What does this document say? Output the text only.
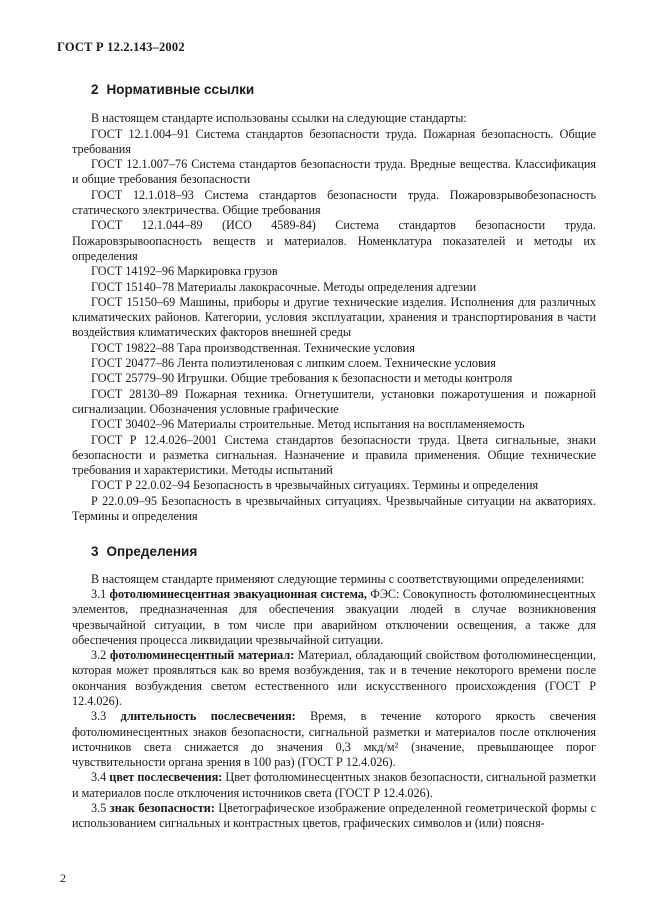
ГОСТ Р 12.2.143–2002
2 Нормативные ссылки

В настоящем стандарте использованы ссылки на следующие стандарты:

ГОСТ 12.1.004–91 Система стандартов безопасности труда. Пожарная безопасность. Общие требования

ГОСТ 12.1.007–76 Система стандартов безопасности труда. Вредные вещества. Классификация и общие требования безопасности

ГОСТ 12.1.018–93 Система стандартов безопасности труда. Пожаровзрывобезопасность статического электричества. Общие требования

ГОСТ 12.1.044–89 (ИСО 4589-84) Система стандартов безопасности труда. Пожаровзрывоопасность веществ и материалов. Номенклатура показателей и методы их определения

ГОСТ 14192–96 Маркировка грузов

ГОСТ 15140–78 Материалы лакокрасочные. Методы определения адгезии

ГОСТ 15150–69 Машины, приборы и другие технические изделия. Исполнения для различных климатических районов. Категории, условия эксплуатации, хранения и транспортирования в части воздействия климатических факторов внешней среды

ГОСТ 19822–88 Тара производственная. Технические условия

ГОСТ 20477–86 Лента полиэтиленовая с липким слоем. Технические условия

ГОСТ 25779–90 Игрушки. Общие требования к безопасности и методы контроля

ГОСТ 28130–89 Пожарная техника. Огнетушители, установки пожаротушения и пожарной сигнализации. Обозначения условные графические

ГОСТ 30402–96 Материалы строительные. Метод испытания на воспламеняемость

ГОСТ Р 12.4.026–2001 Система стандартов безопасности труда. Цвета сигнальные, знаки безопасности и разметка сигнальная. Назначение и правила применения. Общие технические требования и характеристики. Методы испытаний

ГОСТ Р 22.0.02–94 Безопасность в чрезвычайных ситуациях. Термины и определения

Р 22.0.09–95 Безопасность в чрезвычайных ситуациях. Чрезвычайные ситуации на акваториях. Термины и определения

3 Определения

В настоящем стандарте применяют следующие термины с соответствующими определениями:

3.1 фотолюминесцентная эвакуационная система, ФЭС: Совокупность фотолюминесцентных элементов, предназначенная для обеспечения эвакуации людей в случае возникновения чрезвычайной ситуации, в том числе при аварийном отключении освещения, а также для обеспечения процесса ликвидации чрезвычайной ситуации.

3.2 фотолюминесцентный материал: Материал, обладающий свойством фотолюминесценции, которая может проявляться как во время возбуждения, так и в течение некоторого времени после окончания возбуждения светом естественного или искусственного происхождения (ГОСТ Р 12.4.026).

3.3 длительность послесвечения: Время, в течение которого яркость свечения фотолюминесцентных знаков безопасности, сигнальной разметки и материалов после отключения источников света снижается до значения 0,3 мкд/м² (значение, превышающее порог чувствительности органа зрения в 100 раз) (ГОСТ Р 12.4.026).

3.4 цвет послесвечения: Цвет фотолюминесцентных знаков безопасности, сигнальной разметки и материалов после отключения источников света (ГОСТ Р 12.4.026).

3.5 знак безопасности: Цветографическое изображение определенной геометрической формы с использованием сигнальных и контрастных цветов, графических символов и (или) поясня-

2
